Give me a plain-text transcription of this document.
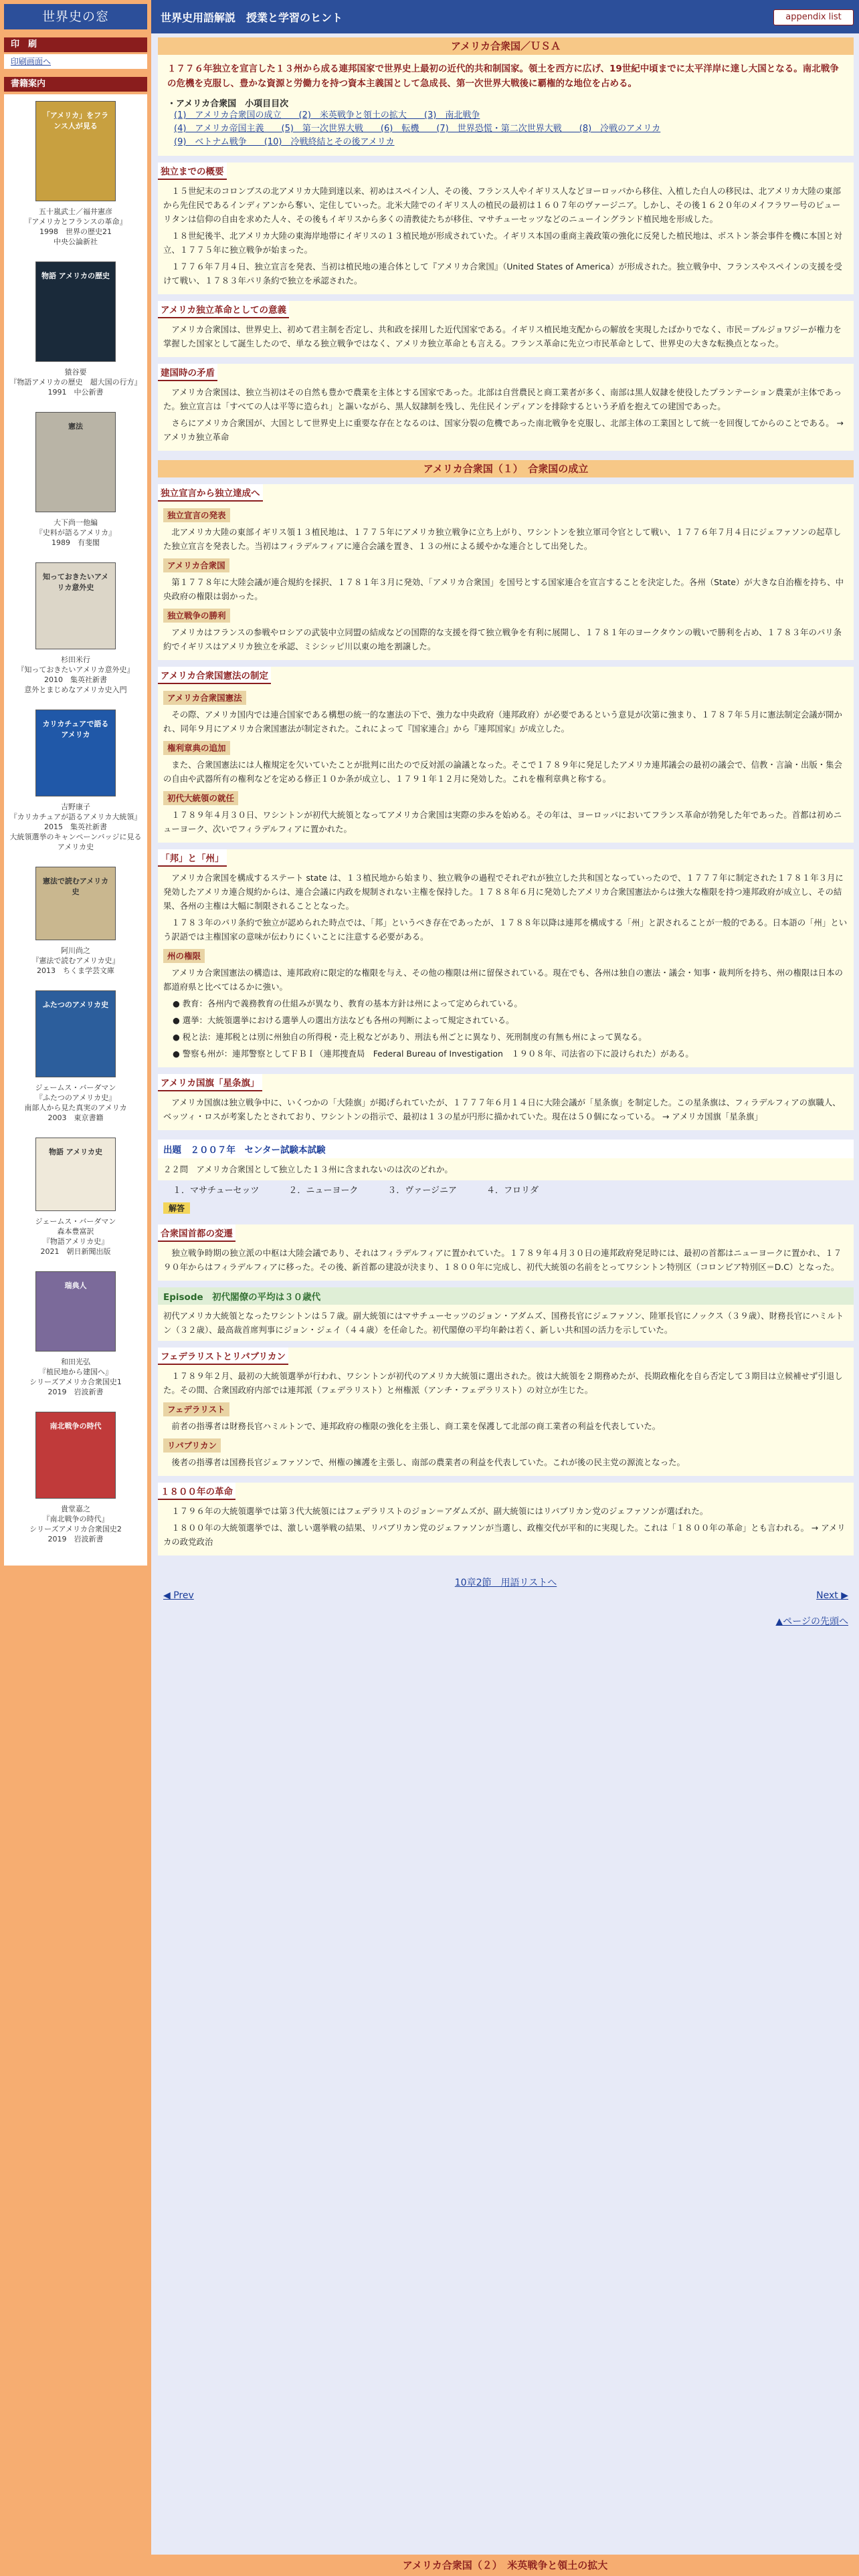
世界史の窓
印　刷
印刷画面へ
書籍案内
「アメリカ」をフランス人が見る
五十嵐武士／福井憲彦
『アメリカとフランスの革命』
1998　世界の歴史21
中央公論新社
物語 アメリカの歴史
猿谷要
『物語アメリカの歴史　超大国の行方』
1991　中公新書
憲法
大下尚一他編
『史料が語るアメリカ』
1989　有斐閣
知っておきたいアメリカ意外史
杉田米行
『知っておきたいアメリカ意外史』
2010　集英社新書
意外とまじめなアメリカ史入門
カリカチュアで語るアメリカ
吉野康子
『カリカチュアが語るアメリカ大統領』
2015　集英社新書
大統領選挙のキャンペーンバッジに見るアメリカ史
憲法で読むアメリカ史
阿川尚之
『憲法で読むアメリカ史』
2013　ちくま学芸文庫
ふたつのアメリカ史
ジェームス・バーダマン
『ふたつのアメリカ史』
南部人から見た真実のアメリカ
2003　東京書籍
物語 アメリカ史
ジェームス・バーダマン
森本豊富訳
『物語アメリカ史』
2021　朝日新聞出版
瑞典人
和田光弘
『植民地から建国へ』
シリーズアメリカ合衆国史1
2019　岩波新書
南北戦争の時代
貴堂嘉之
『南北戦争の時代』
シリーズアメリカ合衆国史2
2019　岩波新書
世界史用語解説　授業と学習のヒント	appendix list
アメリカ合衆国／ＵＳＡ
１７７６年独立を宣言した１３州から成る連邦国家で世界史上最初の近代的共和制国家。領土を西方に広げ、19世紀中頃までに太平洋岸に達し大国となる。南北戦争の危機を克服し、豊かな資源と労働力を持つ資本主義国として急成長、第一次世界大戦後に覇権的な地位を占める。
・アメリカ合衆国　小項目目次
(1)　アメリカ合衆国の成立　　(2)　米英戦争と領土の拡大　　(3)　南北戦争
(4)　アメリカ帝国主義　　(5)　第一次世界大戦　　(6)　転機　　(7)　世界恐慌・第二次世界大戦　　(8)　冷戦のアメリカ
(9)　ベトナム戦争　　(10)　冷戦終結とその後アメリカ
独立までの概要

１５世紀末のコロンブスの北アメリカ大陸到達以来、初めはスペイン人、その後、フランス人やイギリス人などヨーロッパから移住、入植した白人の移民は、北アメリカ大陸の東部から先住民であるインディアンから奪い、定住していった。北米大陸でのイギリス人の植民の最初は１６０７年のヴァージニア。しかし、その後１６２０年のメイフラワー号のピューリタンは信仰の自由を求めた人々、その後もイギリスから多くの清教徒たちが移住、マサチューセッツなどのニューイングランド植民地を形成した。

１８世紀後半、北アメリカ大陸の東海岸地帯にイギリスの１３植民地が形成されていた。イギリス本国の重商主義政策の強化に反発した植民地は、ボストン茶会事件を機に本国と対立、１７７５年に独立戦争が始まった。

１７７６年７月４日、独立宣言を発表、当初は植民地の連合体として『アメリカ合衆国』（United States of America）が形成された。独立戦争中、フランスやスペインの支援を受けて戦い、１７８３年パリ条約で独立を承認された。

アメリカ独立革命としての意義

アメリカ合衆国は、世界史上、初めて君主制を否定し、共和政を採用した近代国家である。イギリス植民地支配からの解放を実現したばかりでなく、市民＝ブルジョワジーが権力を掌握した国家として誕生したので、単なる独立戦争ではなく、アメリカ独立革命とも言える。フランス革命に先立つ市民革命として、世界史の大きな転換点となった。

建国時の矛盾

アメリカ合衆国は、独立当初はその自然も豊かで農業を主体とする国家であった。北部は自営農民と商工業者が多く、南部は黒人奴隷を使役したプランテーション農業が主体であった。独立宣言は「すべての人は平等に造られ」と謳いながら、黒人奴隷制を残し、先住民インディアンを排除するという矛盾を抱えての建国であった。

さらにアメリカ合衆国が、大国として世界史上に重要な存在となるのは、国家分裂の危機であった南北戦争を克服し、北部主体の工業国として統一を回復してからのことである。 → アメリカ独立革命

アメリカ合衆国（１）　合衆国の成立
独立宣言から独立達成へ
独立宣言の発表

北アメリカ大陸の東部イギリス領１３植民地は、１７７５年にアメリカ独立戦争に立ち上がり、ワシントンを独立軍司令官として戦い、１７７６年７月４日にジェファソンの起草した独立宣言を発表した。当初はフィラデルフィアに連合会議を置き、１３の州による緩やかな連合として出発した。

アメリカ合衆国

第１７７８年に大陸会議が連合規約を採択、１７８１年３月に発効、「アメリカ合衆国」を国号とする国家連合を宣言することを決定した。各州（State）が大きな自治権を持ち、中央政府の権限は弱かった。

独立戦争の勝利

アメリカはフランスの参戦やロシアの武装中立同盟の結成などの国際的な支援を得て独立戦争を有利に展開し、１７８１年のヨークタウンの戦いで勝利を占め、１７８３年のパリ条約でイギリスはアメリカ独立を承認、ミシシッピ川以東の地を割譲した。

アメリカ合衆国憲法の制定
アメリカ合衆国憲法

その際、アメリカ国内では連合国家である構想の統一的な憲法の下で、強力な中央政府（連邦政府）が必要であるという意見が次第に強まり、１７８７年５月に憲法制定会議が開かれ、同年９月にアメリカ合衆国憲法が制定された。これによって『国家連合』から『連邦国家』が成立した。

権利章典の追加

また、合衆国憲法には人権規定を欠いていたことが批判に出たので反対派の論議となった。そこで１７８９年に発足したアメリカ連邦議会の最初の議会で、信教・言論・出版・集会の自由や武器所有の権利などを定める修正１０か条が成立し、１７９１年１２月に発効した。これを権利章典と称する。

初代大統領の就任

１７８９年４月３０日、ワシントンが初代大統領となってアメリカ合衆国は実際の歩みを始める。その年は、ヨーロッパにおいてフランス革命が勃発した年であった。首都は初めニューヨーク、次いでフィラデルフィアに置かれた。

「邦」と「州」

アメリカ合衆国を構成するステート state は、１３植民地から始まり、独立戦争の過程でそれぞれが独立した共和国となっていったので、１７７７年に制定された１７８１年３月に発効したアメリカ連合規約からは、連合会議に内政を規制されない主権を保持した。１７８８年６月に発効したアメリカ合衆国憲法からは強大な権限を持つ連邦政府が成立し、その結果、各州の主権は大幅に制限されることとなった。

１７８３年のパリ条約で独立が認められた時点では、「邦」というべき存在であったが、１７８８年以降は連邦を構成する「州」と訳されることが一般的である。日本語の「州」という訳語では主権国家の意味が伝わりにくいことに注意する必要がある。

州の権限

アメリカ合衆国憲法の構造は、連邦政府に限定的な権限を与え、その他の権限は州に留保されている。現在でも、各州は独自の憲法・議会・知事・裁判所を持ち、州の権限は日本の都道府県と比べてはるかに強い。

● 教育：各州内で義務教育の仕組みが異なり、教育の基本方針は州によって定められている。
● 選挙：大統領選挙における選挙人の選出方法なども各州の判断によって規定されている。
● 税と法：連邦税とは別に州独自の所得税・売上税などがあり、刑法も州ごとに異なり、死刑制度の有無も州によって異なる。
● 警察も州が：連邦警察としてＦＢＩ（連邦捜査局　Federal Bureau of Investigation　１９０８年、司法省の下に設けられた）がある。
アメリカ国旗「星条旗」

アメリカ国旗は独立戦争中に、いくつかの「大陸旗」が掲げられていたが、１７７７年６月１４日に大陸会議が「星条旗」を制定した。この星条旗は、フィラデルフィアの旗職人、ベッツィ・ロスが考案したとされており、ワシントンの指示で、最初は１３の星が円形に描かれていた。現在は５０個になっている。 → アメリカ国旗「星条旗」

出題　２００７年　センター試験本試験
２２問　アメリカ合衆国として独立した１３州に含まれないのは次のどれか。
１．マサチューセッツ	２．ニューヨーク	３．ヴァージニア	４．フロリダ
解答
合衆国首都の変遷

独立戦争時期の独立派の中枢は大陸会議であり、それはフィラデルフィアに置かれていた。１７８９年４月３０日の連邦政府発足時には、最初の首都はニューヨークに置かれ、１７９０年からはフィラデルフィアに移った。その後、新首都の建設が決まり、１８００年に完成し、初代大統領の名前をとってワシントン特別区（コロンビア特別区＝D.C）となった。

Episode　初代閣僚の平均は３０歳代
初代アメリカ大統領となったワシントンは５７歳。副大統領にはマサチューセッツのジョン・アダムズ、国務長官にジェファソン、陸軍長官にノックス（３９歳）、財務長官にハミルトン（３２歳）、最高裁首席判事にジョン・ジェイ（４４歳）を任命した。初代閣僚の平均年齢は若く、新しい共和国の活力を示していた。
フェデラリストとリパブリカン

１７８９年２月、最初の大統領選挙が行われ、ワシントンが初代のアメリカ大統領に選出された。彼は大統領を２期務めたが、長期政権化を自ら否定して３期目は立候補せず引退した。その間、合衆国政府内部では連邦派（フェデラリスト）と州権派（アンチ・フェデラリスト）の対立が生じた。

フェデラリスト

前者の指導者は財務長官ハミルトンで、連邦政府の権限の強化を主張し、商工業を保護して北部の商工業者の利益を代表していた。

リパブリカン

後者の指導者は国務長官ジェファソンで、州権の擁護を主張し、南部の農業者の利益を代表していた。これが後の民主党の源流となった。

１８００年の革命

１７９６年の大統領選挙では第３代大統領にはフェデラリストのジョン＝アダムズが、副大統領にはリパブリカン党のジェファソンが選ばれた。

１８００年の大統領選挙では、激しい選挙戦の結果、リパブリカン党のジェファソンが当選し、政権交代が平和的に実現した。これは「１８００年の革命」とも言われる。 → アメリカの政党政治

10章2節　用語リストへ
◀ Prev	Next ▶
▲ページの先頭へ
アメリカ合衆国（２）　米英戦争と領土の拡大
